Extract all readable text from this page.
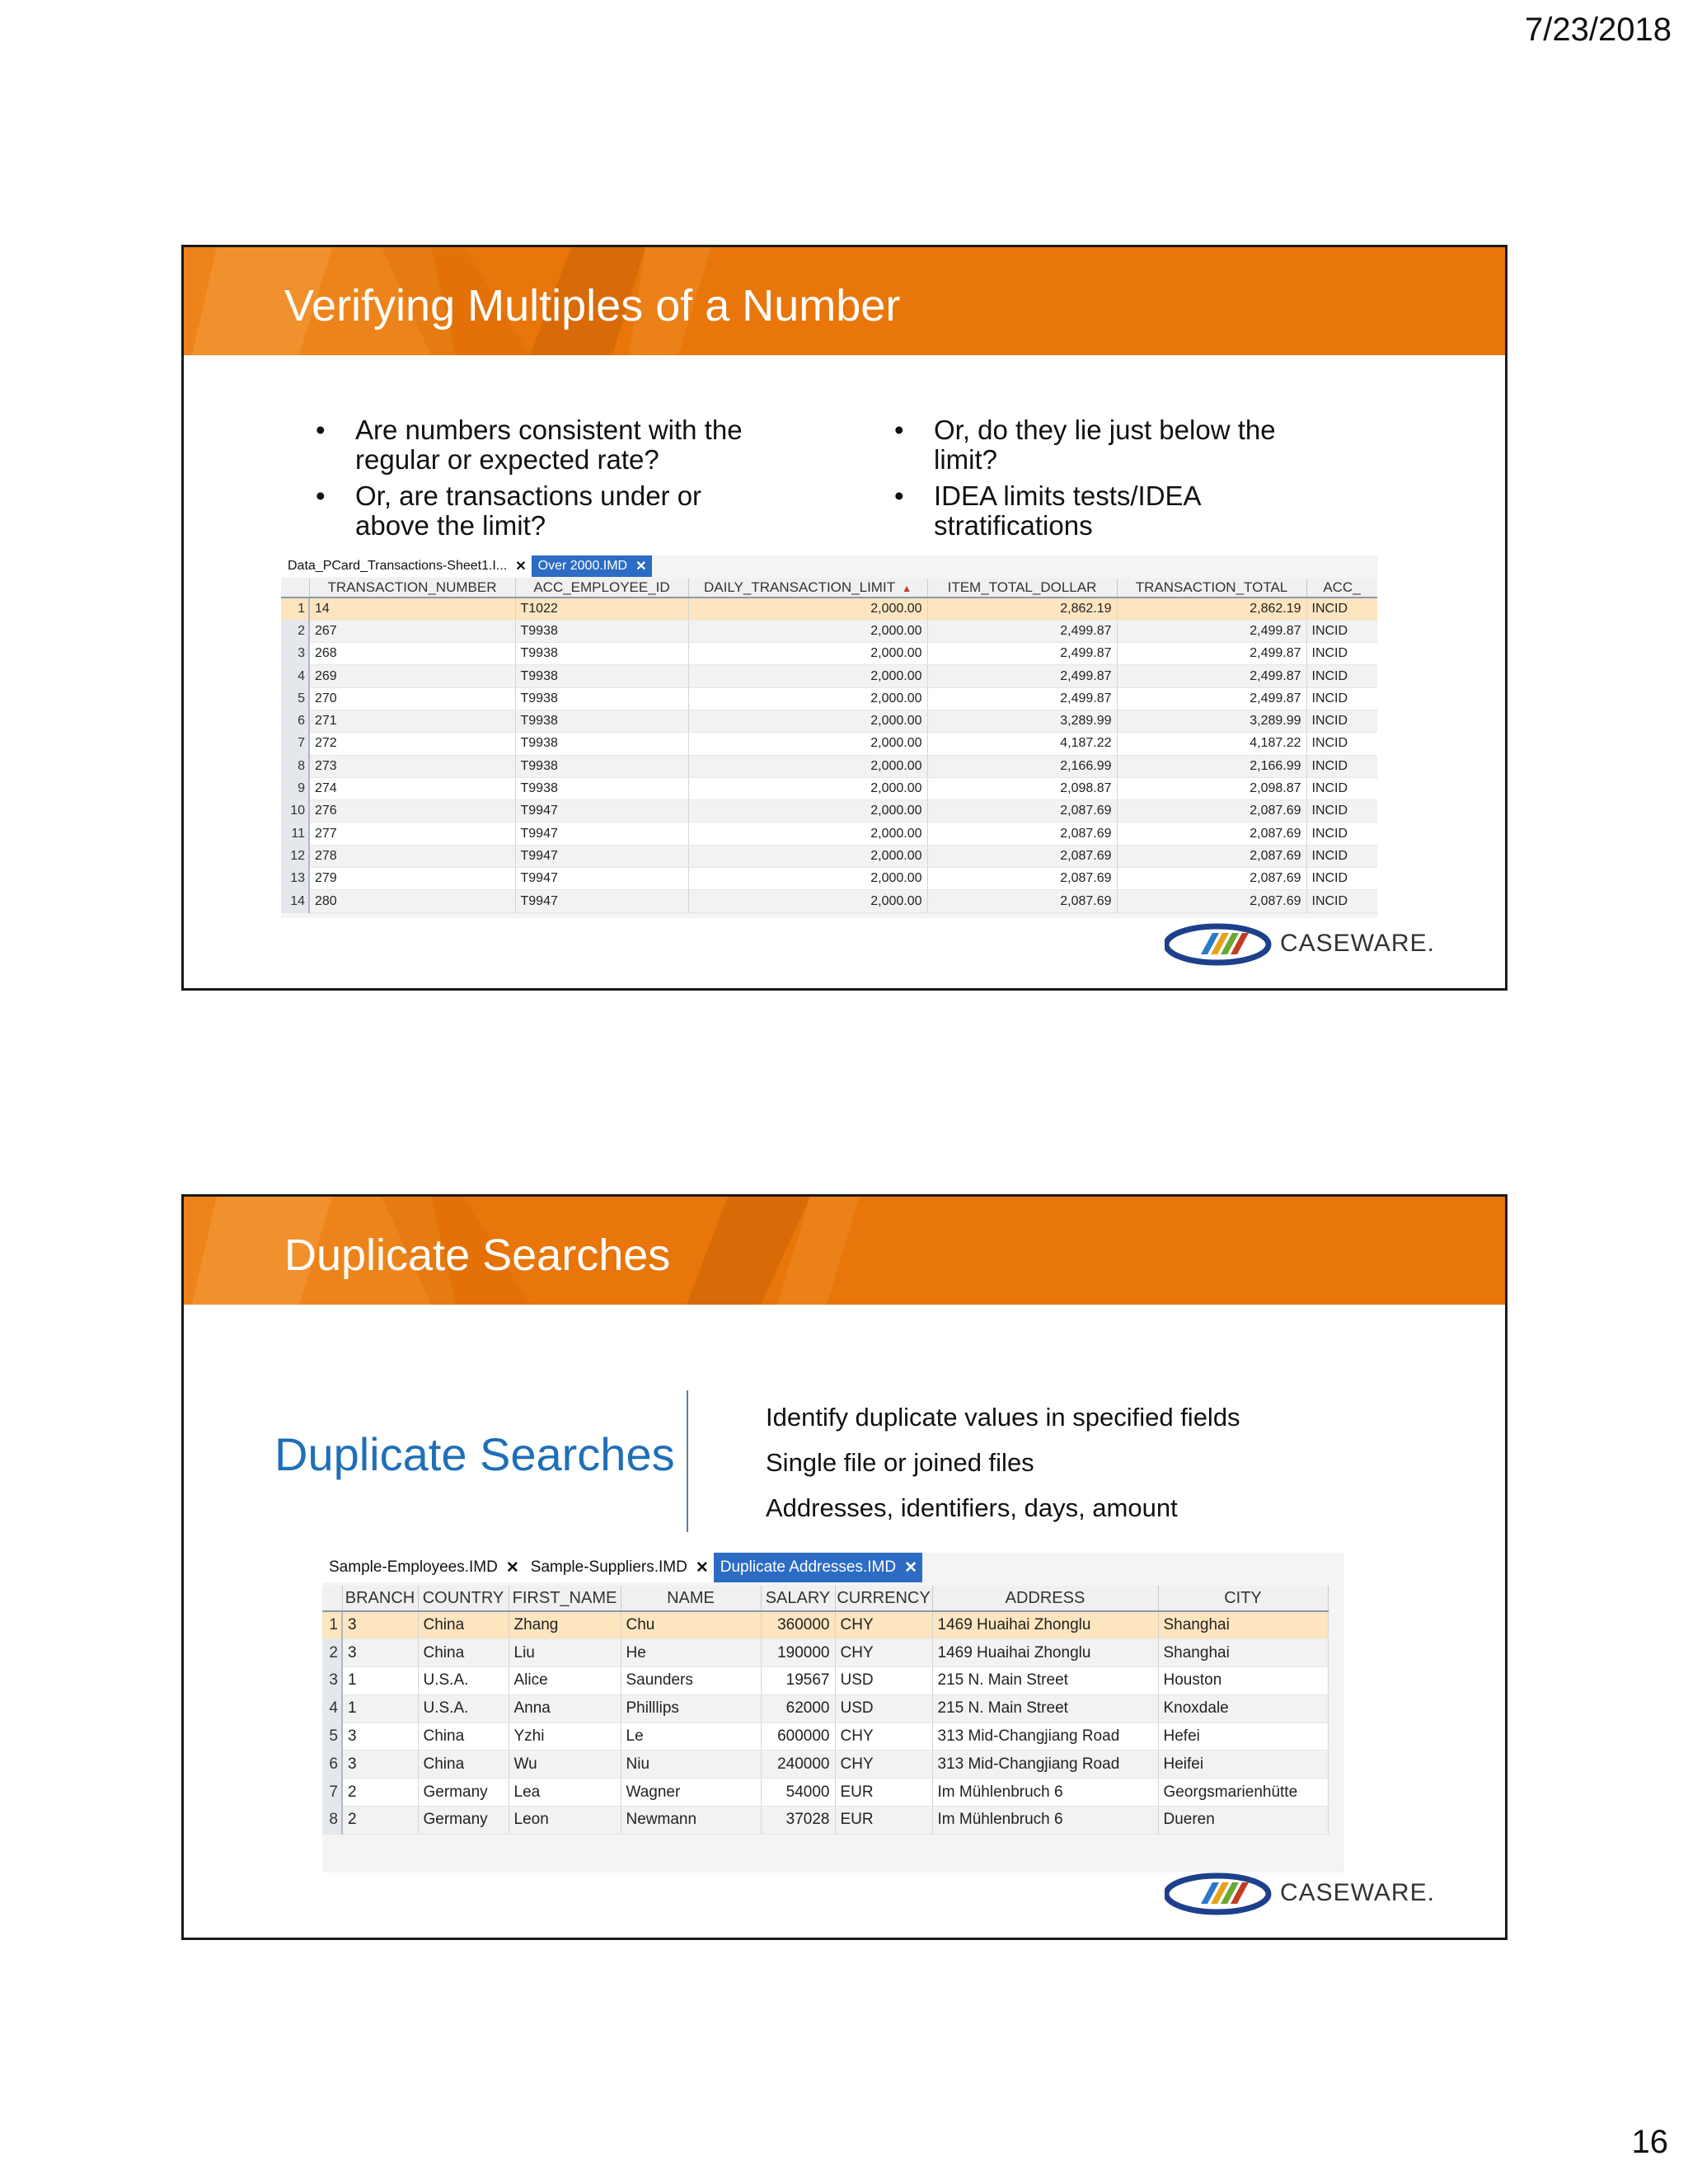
7/23/2018
Verifying Multiples of a Number
• Are numbers consistent with the regular or expected rate?
• Or, are transactions under or above the limit?
• Or, do they lie just below the limit?
• IDEA limits tests/IDEA stratifications
Data_PCard_Transactions-Sheet1.I... ✕ Over 2000.IMD ✕
	TRANSACTION_NUMBER	ACC_EMPLOYEE_ID	DAILY_TRANSACTION_LIMIT ▲	ITEM_TOTAL_DOLLAR	TRANSACTION_TOTAL	ACC_
1	14	T1022	2,000.00	2,862.19	2,862.19	INCID
2	267	T9938	2,000.00	2,499.87	2,499.87	INCID
3	268	T9938	2,000.00	2,499.87	2,499.87	INCID
4	269	T9938	2,000.00	2,499.87	2,499.87	INCID
5	270	T9938	2,000.00	2,499.87	2,499.87	INCID
6	271	T9938	2,000.00	3,289.99	3,289.99	INCID
7	272	T9938	2,000.00	4,187.22	4,187.22	INCID
8	273	T9938	2,000.00	2,166.99	2,166.99	INCID
9	274	T9938	2,000.00	2,098.87	2,098.87	INCID
10	276	T9947	2,000.00	2,087.69	2,087.69	INCID
11	277	T9947	2,000.00	2,087.69	2,087.69	INCID
12	278	T9947	2,000.00	2,087.69	2,087.69	INCID
13	279	T9947	2,000.00	2,087.69	2,087.69	INCID
14	280	T9947	2,000.00	2,087.69	2,087.69	INCID
CASEWARE.
Duplicate Searches
Duplicate Searches
Identify duplicate values in specified fields
Single file or joined files
Addresses, identifiers, days, amount
Sample-Employees.IMD ✕ Sample-Suppliers.IMD ✕ Duplicate Addresses.IMD ✕
	BRANCH	COUNTRY	FIRST_NAME	NAME	SALARY	CURRENCY	ADDRESS	CITY
1	3	China	Zhang	Chu	360000	CHY	1469 Huaihai Zhonglu	Shanghai
2	3	China	Liu	He	190000	CHY	1469 Huaihai Zhonglu	Shanghai
3	1	U.S.A.	Alice	Saunders	19567	USD	215 N. Main Street	Houston
4	1	U.S.A.	Anna	Philllips	62000	USD	215 N. Main Street	Knoxdale
5	3	China	Yzhi	Le	600000	CHY	313 Mid-Changjiang Road	Hefei
6	3	China	Wu	Niu	240000	CHY	313 Mid-Changjiang Road	Heifei
7	2	Germany	Lea	Wagner	54000	EUR	Im Mühlenbruch 6	Georgsmarienhütte
8	2	Germany	Leon	Newmann	37028	EUR	Im Mühlenbruch 6	Dueren
CASEWARE.
16
